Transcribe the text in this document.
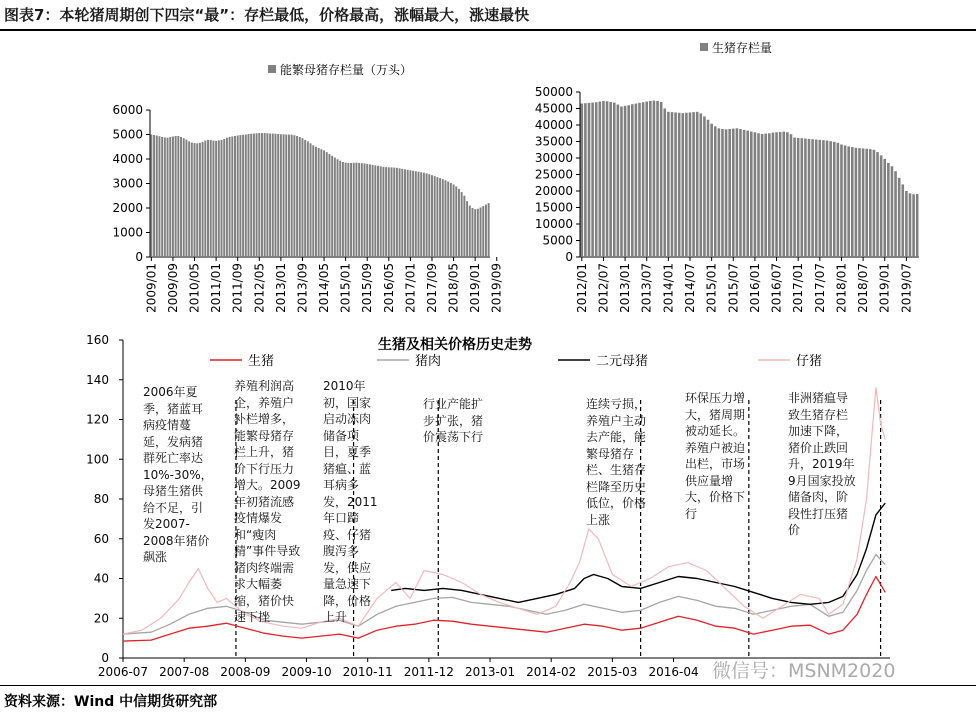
图表7：本轮猪周期创下四宗“最”：存栏最低，价格最高，涨幅最大，涨速最快
0
1000
2000
3000
4000
5000
6000
2009/01 2009/09 2010/05 2011/01 2011/09 2012/05 2013/01 2013/09 2014/05 2015/01 2015/09 2016/05 2017/01 2017/09 2018/05 2019/01 2019/09
能繁母猪存栏量（万头）
0
5000
10000
15000
20000
25000
30000
35000
40000
45000
50000
2012/01 2012/07 2013/01 2013/07 2014/01 2014/07 2015/01 2015/07 2016/01 2016/07 2017/01 2017/07 2018/01 2018/07 2019/01 2019/07
生猪存栏量
0
20
40
60
80
100
120
140
160
2006-07 2007-08 2008-09 2009-10 2010-11 2011-12 2013-01 2014-02 2015-03 2016-04
生猪及相关价格历史走势
生猪	猪肉	二元母猪	仔猪
2006年夏季，猪蓝耳病疫情蔓延，发病猪群死亡率达10%-30%，母猪生猪供给不足，引发2007-2008年猪价飙涨
养殖利润高企，养殖户补栏增多，能繁母猪存栏上升，猪价下行压力增大。2009年初猪流感疫情爆发和“瘦肉精”事件导致猪肉终端需求大幅萎缩，猪价快速下挫
2010年初，国家启动冻肉储备项目，夏季猪瘟、蓝耳病多发，2011年口蹄疫、仔猪腹泻多发，供应量急速下降，价格上升
行业产能扩步扩张，猪价震荡下行
连续亏损，养殖户主动去产能，能繁母猪存栏、生猪存栏降至历史低位，价格上涨
环保压力增大，猪周期被动延长。养殖户被迫出栏，市场供应量增大，价格下行
非洲猪瘟导致生猪存栏加速下降，猪价止跌回升，2019年9月国家投放储备肉，阶段性打压猪价
微信号：MSNM2020
资料来源：Wind 中信期货研究部
